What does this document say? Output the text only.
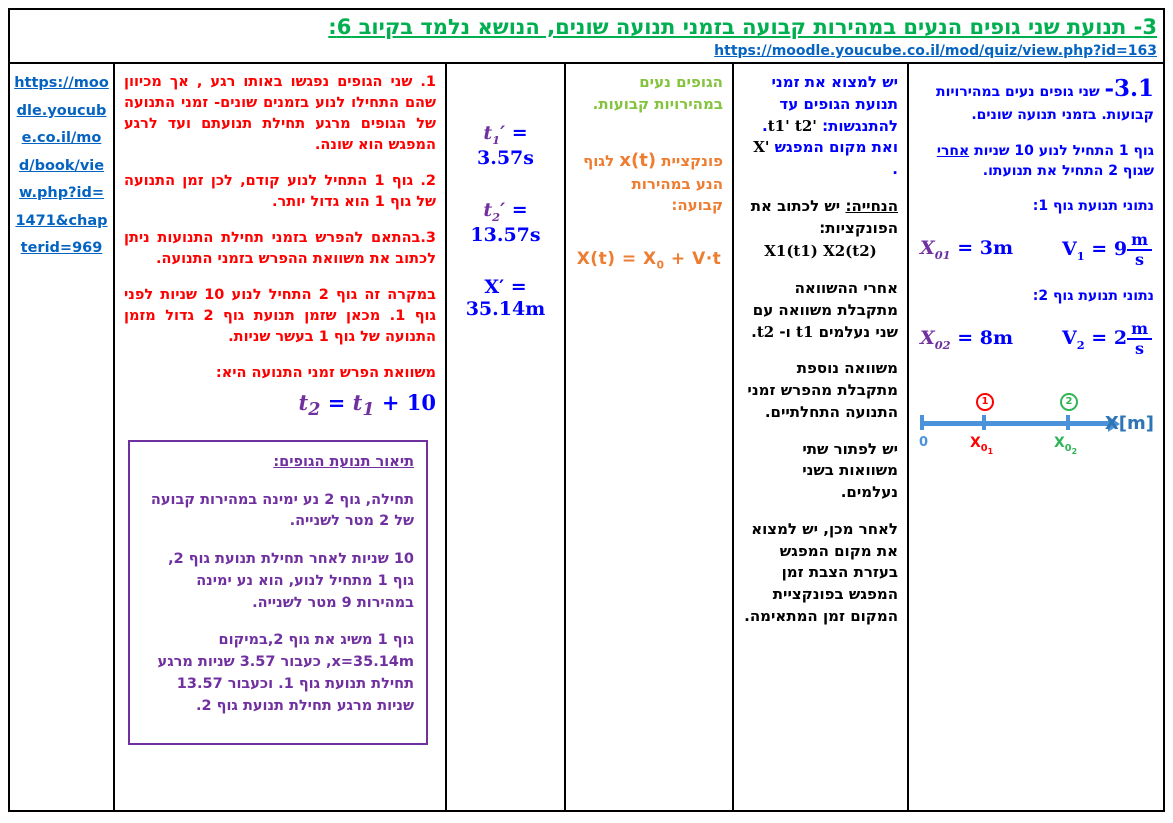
3- תנועת שני גופים הנעים במהירות קבועה בזמני תנועה שונים, הנושא נלמד בקיוב 6:
https://moodle.youcube.co.il/mod/quiz/view.php?id=163

3.1- שני גופים נעים במהירויות קבועות. בזמני תנועה שונים.

גוף 1 התחיל לנוע 10 שניות אחרי שגוף 2 התחיל את תנועתו.

נתוני תנועת גוף 1:

$X_{01} = 3m$	$V_1 = 9 \frac{m}{s}$

נתוני תנועת גוף 2:

$X_{02} = 8m$	$V_2 = 2 \frac{m}{s}$
1	2
X[m]
0	$X_{0_1}$
$X_{0_2}$

יש למצוא את זמני תנועת הגופים עד להתנגשות: t1' t2'. ואת מקום המפגש X' .

הנחייה: יש לכתוב את הפונקציות:
X1(t1) X2(t2)

אחרי ההשוואה מתקבלת משוואה עם שני נעלמים t1 ו- t2.

משוואה נוספת מתקבלת מהפרש זמני התנועה התחלתיים.

יש לפתור שתי משוואות בשני נעלמים.

לאחר מכן, יש למצוא את מקום המפגש בעזרת הצבת זמן המפגש בפונקציית המקום זמן המתאימה.

הגופים נעים במהירויות קבועות.

פונקציית x(t) לגוף הנע במהירות קבועה:

$X(t) = X_0 + V\cdot t$
$t_1' = 3.57s$
$t_2' = 13.57s$
X′ = 35.14m

1. שני הגופים נפגשו באותו רגע , אך מכיוון שהם התחילו לנוע בזמנים שונים- זמני התנועה של הגופים מרגע תחילת תנועתם ועד לרגע המפגש הוא שונה.

2. גוף 1 התחיל לנוע קודם, לכן זמן התנועה של גוף 1 הוא גדול יותר.

3.בהתאם להפרש בזמני תחילת התנועות ניתן לכתוב את משוואת ההפרש בזמני התנועה.

במקרה זה גוף 2 התחיל לנוע 10 שניות לפני גוף 1. מכאן שזמן תנועת גוף 2 גדול מזמן התנועה של גוף 1 בעשר שניות.

משוואת הפרש זמני התנועה היא:

$t_2 = t_1 + 10$

תיאור תנועת הגופים:

תחילה, גוף 2 נע ימינה במהירות קבועה של 2 מטר לשנייה.

10 שניות לאחר תחילת תנועת גוף 2, גוף 1 מתחיל לנוע, הוא נע ימינה במהירות 9 מטר לשנייה.

גוף 1 משיג את גוף 2,במיקום x=35.14m, כעבור 3.57 שניות מרגע תחילת תנועת גוף 1. וכעבור 13.57 שניות מרגע תחילת תנועת גוף 2.

https://moodle.youcube.co.il/mod/book/view.php?id=1471&chapterid=969
